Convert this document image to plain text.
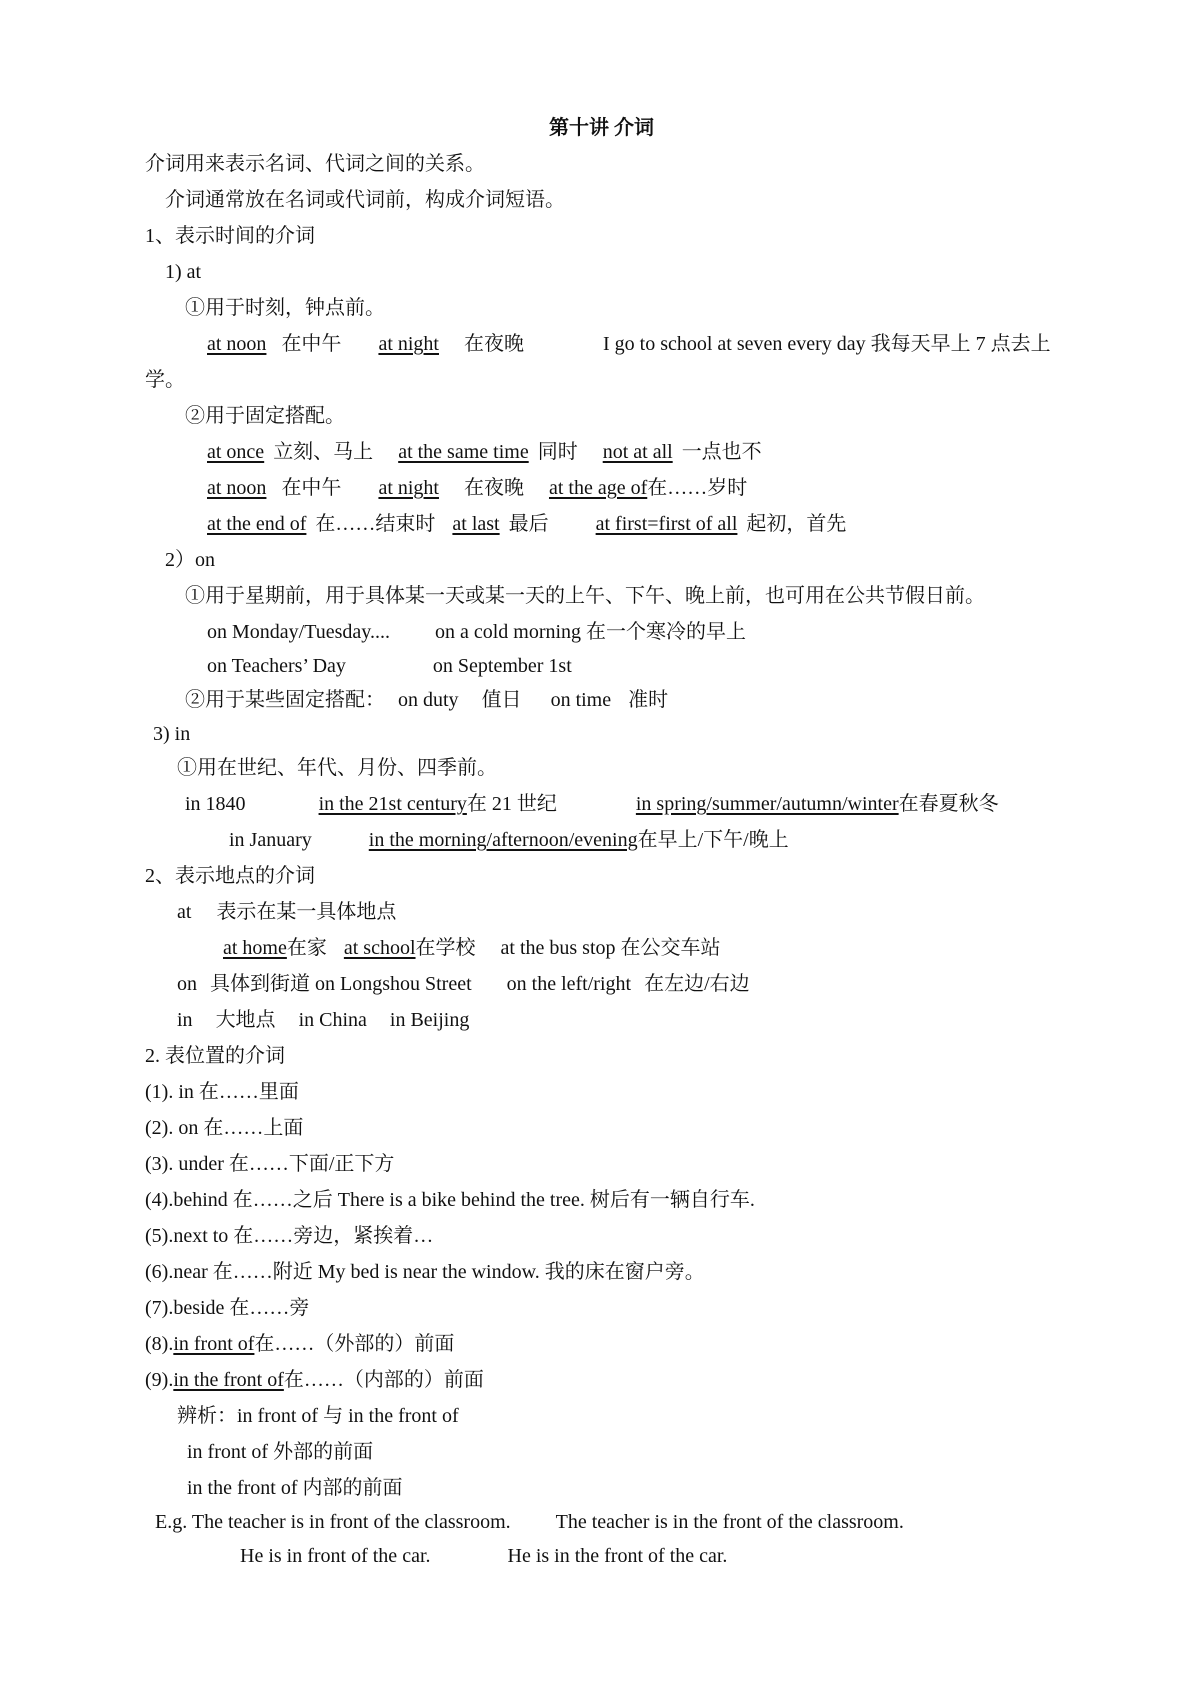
第十讲 介词
介词用来表示名词、代词之间的关系。
介词通常放在名词或代词前，构成介词短语。
1、表示时间的介词
1) at
①用于时刻，钟点前。
at noon 在中午 at night 在夜晚	I go to school at seven every day 我每天早上 7 点去上
学。
②用于固定搭配。
at once 立刻、马上 at the same time 同时 not at all 一点也不
at noon 在中午 at night 在夜晚 at the age of在……岁时
at the end of 在……结束时 at last 最后 at first=first of all 起初，首先
2）on
①用于星期前，用于具体某一天或某一天的上午、下午、晚上前，也可用在公共节假日前。
on Monday/Tuesday.... on a cold morning 在一个寒冷的早上
on Teachers’ Day	on September 1st
②用于某些固定搭配： on duty 值日 on time 准时
3) in
①用在世纪、年代、月份、四季前。
in 1840	in the 21st century在 21 世纪	in spring/summer/autumn/winter在春夏秋冬
in January	in the morning/afternoon/evening在早上/下午/晚上
2、表示地点的介词
at 表示在某一具体地点
at home在家 at school在学校 at the bus stop 在公交车站
on 具体到街道 on Longshou Street on the left/right 在左边/右边
in 大地点 in China in Beijing
2. 表位置的介词
(1). in 在……里面
(2). on 在……上面
(3). under 在……下面/正下方
(4).behind 在……之后 There is a bike behind the tree. 树后有一辆自行车.
(5).next to 在……旁边，紧挨着…
(6).near 在……附近 My bed is near the window. 我的床在窗户旁。
(7).beside 在……旁
(8).in front of在……（外部的）前面
(9).in the front of在……（内部的）前面
辨析：in front of 与 in the front of
in front of 外部的前面
in the front of 内部的前面
E.g. The teacher is in front of the classroom. The teacher is in the front of the classroom.
He is in front of the car.	He is in the front of the car.
